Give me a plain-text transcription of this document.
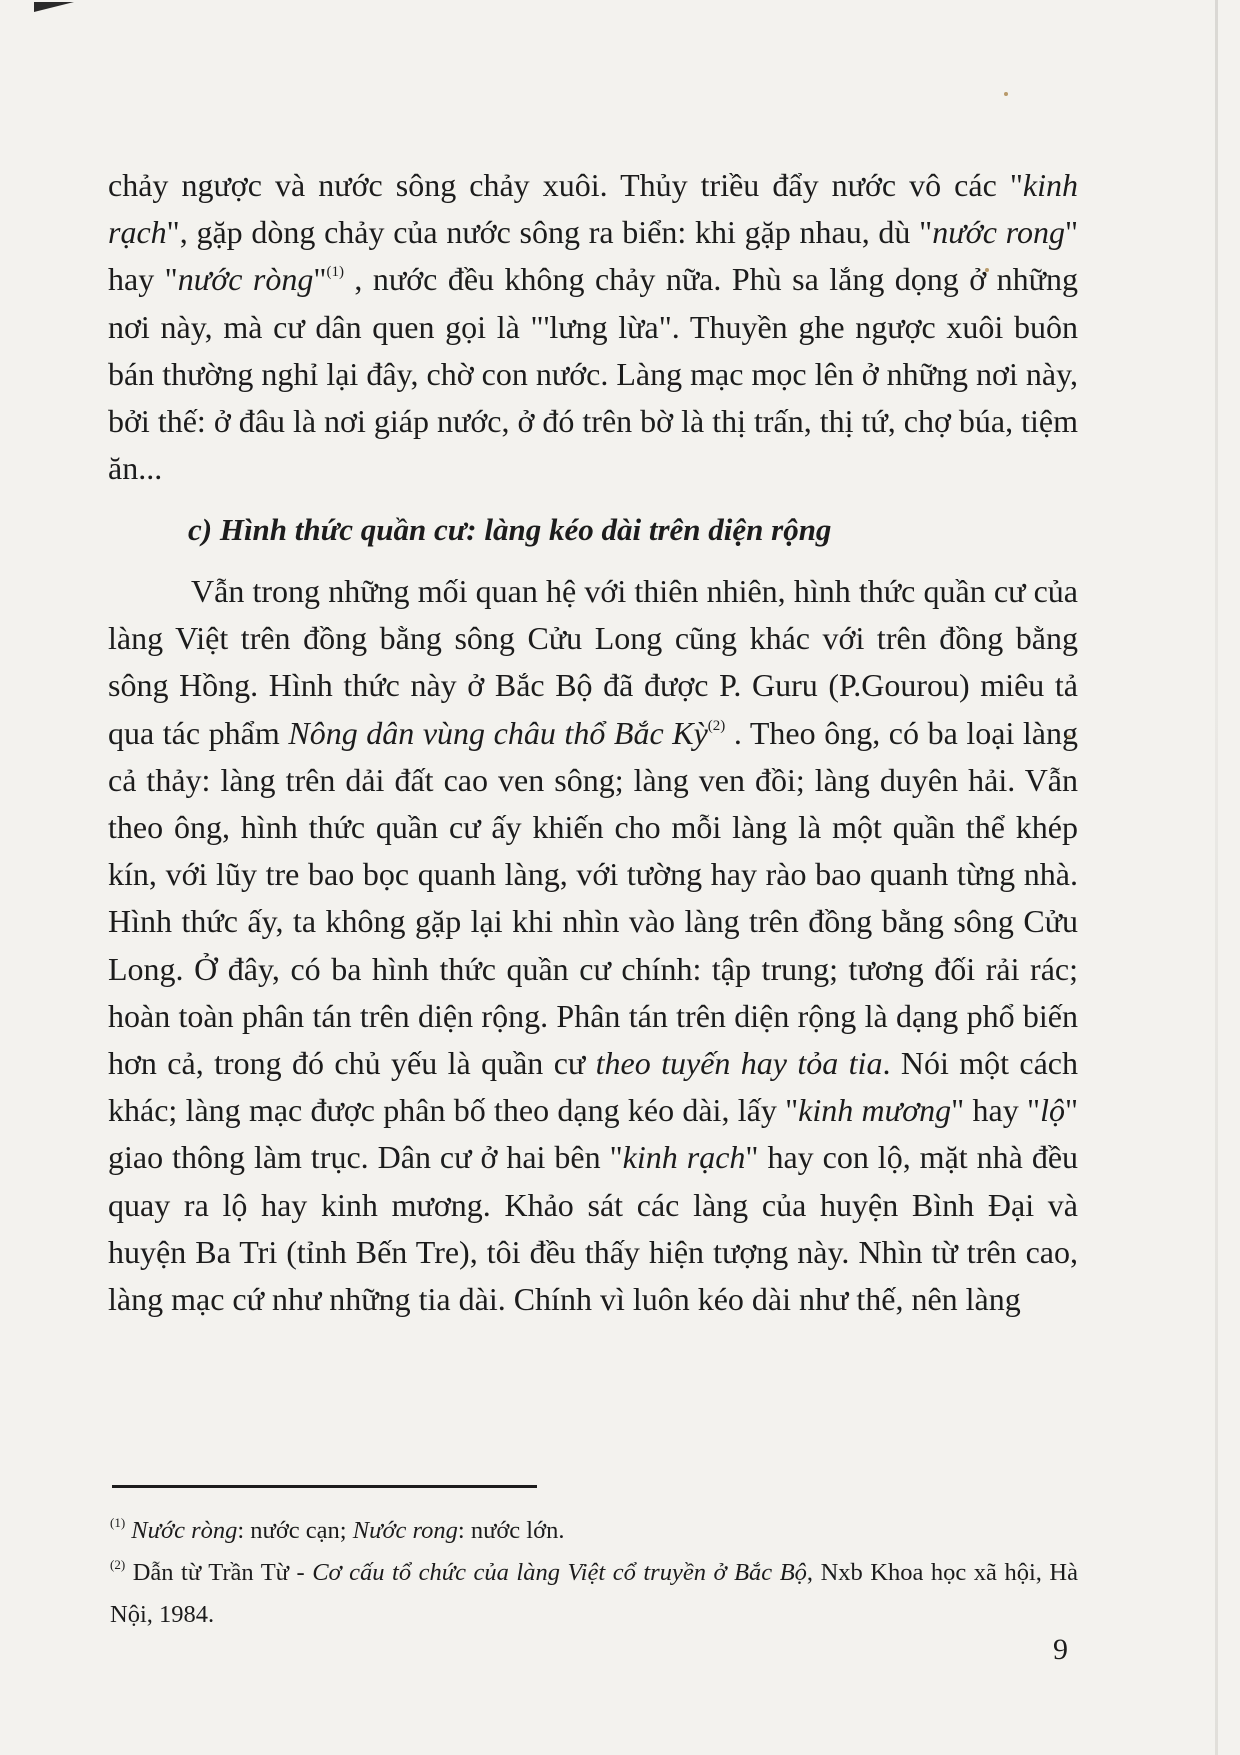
chảy ngược và nước sông chảy xuôi. Thủy triều đẩy nước vô các "kinh rạch", gặp dòng chảy của nước sông ra biển: khi gặp nhau, dù "nước rong" hay "nước ròng"$^{(1)}$ , nước đều không chảy nữa. Phù sa lắng dọng ở những nơi này, mà cư dân quen gọi là "'lưng lừa". Thuyền ghe ngược xuôi buôn bán thường nghỉ lại đây, chờ con nước. Làng mạc mọc lên ở những nơi này, bởi thế: ở đâu là nơi giáp nước, ở đó trên bờ là thị trấn, thị tứ, chợ búa, tiệm ăn...
c) Hình thức quần cư: làng kéo dài trên diện rộng
Vẫn trong những mối quan hệ với thiên nhiên, hình thức quần cư của làng Việt trên đồng bằng sông Cửu Long cũng khác với trên đồng bằng sông Hồng. Hình thức này ở Bắc Bộ đã được P. Guru (P.Gourou) miêu tả qua tác phẩm Nông dân vùng châu thổ Bắc Kỳ$^{(2)}$ . Theo ông, có ba loại làng cả thảy: làng trên dải đất cao ven sông; làng ven đồi; làng duyên hải. Vẫn theo ông, hình thức quần cư ấy khiến cho mỗi làng là một quần thể khép kín, với lũy tre bao bọc quanh làng, với tường hay rào bao quanh từng nhà. Hình thức ấy, ta không gặp lại khi nhìn vào làng trên đồng bằng sông Cửu Long. Ở đây, có ba hình thức quần cư chính: tập trung; tương đối rải rác; hoàn toàn phân tán trên diện rộng. Phân tán trên diện rộng là dạng phổ biến hơn cả, trong đó chủ yếu là quần cư theo tuyến hay tỏa tia. Nói một cách khác; làng mạc được phân bố theo dạng kéo dài, lấy "kinh mương" hay "lộ" giao thông làm trục. Dân cư ở hai bên "kinh rạch" hay con lộ, mặt nhà đều quay ra lộ hay kinh mương. Khảo sát các làng của huyện Bình Đại và huyện Ba Tri (tỉnh Bến Tre), tôi đều thấy hiện tượng này. Nhìn từ trên cao, làng mạc cứ như những tia dài. Chính vì luôn kéo dài như thế, nên làng

$^{(1)}$ Nước ròng: nước cạn; Nước rong: nước lớn.

$^{(2)}$ Dẫn từ Trần Từ - Cơ cấu tổ chức của làng Việt cổ truyền ở Bắc Bộ, Nxb Khoa học xã hội, Hà Nội, 1984.

9
